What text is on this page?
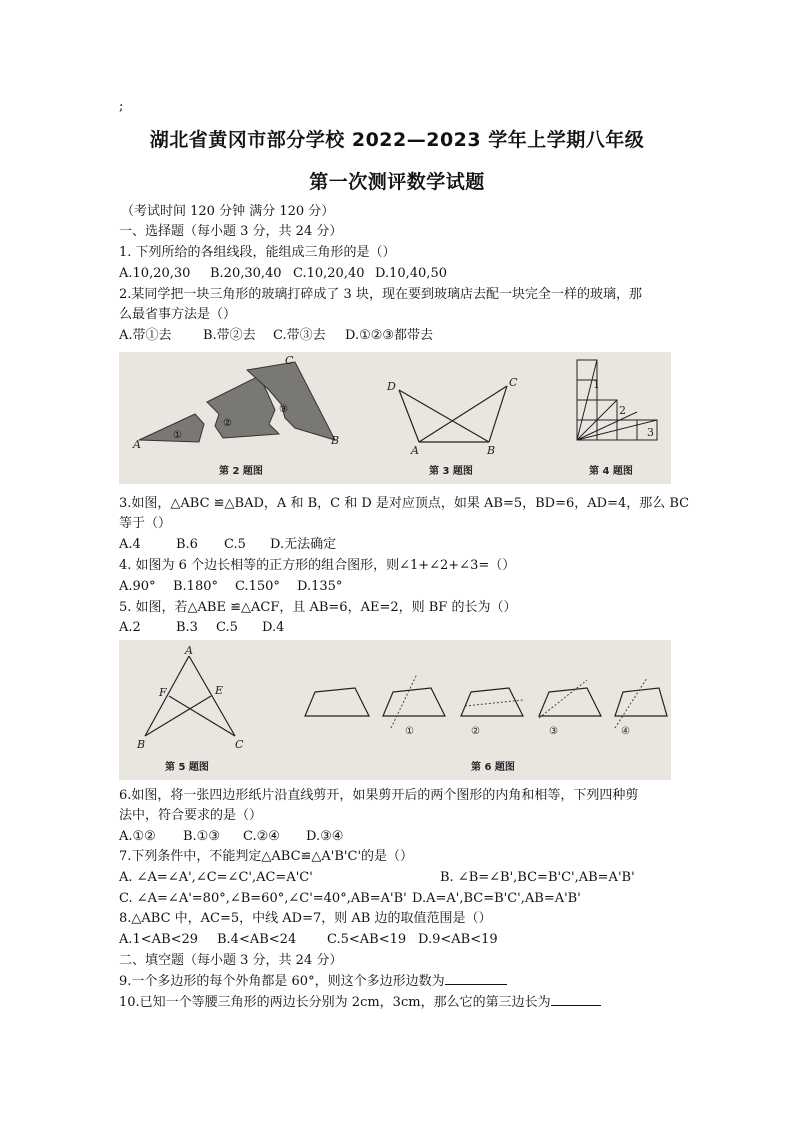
;
湖北省黄冈市部分学校 2022—2023 学年上学期八年级
第一次测评数学试题
（考试时间 120 分钟 满分 120 分）
一、选择题（每小题 3 分，共 24 分）
1. 下列所给的各组线段，能组成三角形的是（）
A.10,20,30 B.20,30,40 C.10,20,40 D.10,40,50
2.某同学把一块三角形的玻璃打碎成了 3 块，现在要到玻璃店去配一块完全一样的玻璃，那
么最省事方法是（）
A.带①去 B.带②去 C.带③去 D.①②③都带去
A	B
C
①
②
③
第 2 题图
D	C
A	B
第 3 题图
1
2
3
第 4 题图
3.如图，△ABC ≌△BAD，A 和 B，C 和 D 是对应顶点，如果 AB=5，BD=6，AD=4，那么 BC
等于（）
A.4	B.6 C.5 D.无法确定
4. 如图为 6 个边长相等的正方形的组合图形，则∠1+∠2+∠3=（）
A.90° B.180° C.150° D.135°
5. 如图，若△ABE ≌△ACF，且 AB=6，AE=2，则 BF 的长为（）
A.2	B.3 C.5 D.4
A
F	E
B	C
第 5 题图
①	②	③	④
第 6 题图
6.如图，将一张四边形纸片沿直线剪开，如果剪开后的两个图形的内角和相等，下列四种剪
法中，符合要求的是（）
A.①② B.①③ C.②④ D.③④
7.下列条件中，不能判定△ABC≌△A'B'C'的是（）
A. ∠A=∠A',∠C=∠C',AC=A'C'	B. ∠B=∠B',BC=B'C',AB=A'B'
C. ∠A=∠A'=80°,∠B=60°,∠C'=40°,AB=A'B' D.A=A',BC=B'C',AB=A'B'
8.△ABC 中，AC=5，中线 AD=7，则 AB 边的取值范围是（）
A.1<AB<29 B.4<AB<24 C.5<AB<19 D.9<AB<19
二、填空题（每小题 3 分，共 24 分）
9.一个多边形的每个外角都是 60°，则这个多边形边数为
10.已知一个等腰三角形的两边长分别为 2cm，3cm，那么它的第三边长为
